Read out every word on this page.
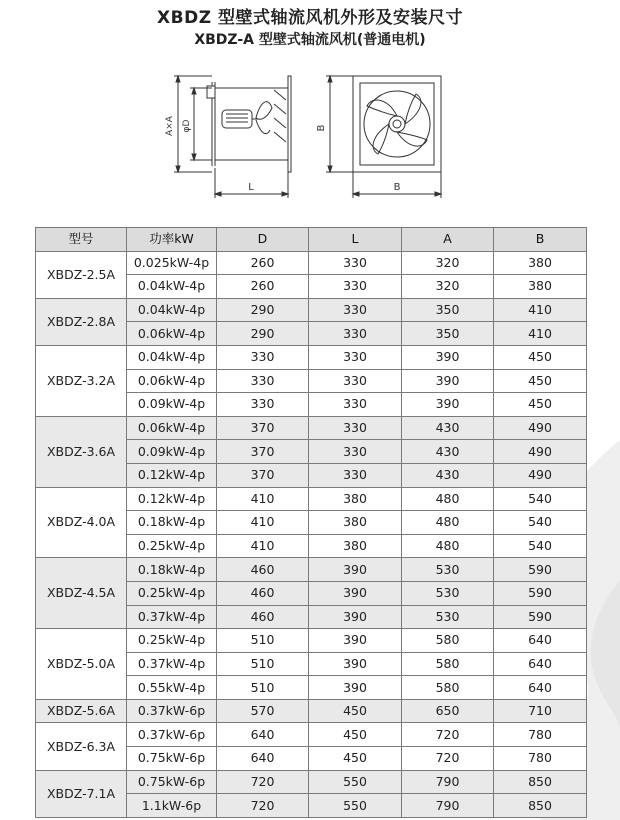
XBDZ 型壁式轴流风机外形及安装尺寸
XBDZ-A 型壁式轴流风机(普通电机)
A×A φD
L
B
B
型号	功率kW	D	L	A	B
XBDZ-2.5A	0.025kW-4p	260	330	320	380
	0.04kW-4p	260	330	320	380
XBDZ-2.8A	0.04kW-4p	290	330	350	410
	0.06kW-4p	290	330	350	410
XBDZ-3.2A	0.04kW-4p	330	330	390	450
	0.06kW-4p	330	330	390	450
	0.09kW-4p	330	330	390	450
XBDZ-3.6A	0.06kW-4p	370	330	430	490
	0.09kW-4p	370	330	430	490
	0.12kW-4p	370	330	430	490
XBDZ-4.0A	0.12kW-4p	410	380	480	540
	0.18kW-4p	410	380	480	540
	0.25kW-4p	410	380	480	540
XBDZ-4.5A	0.18kW-4p	460	390	530	590
	0.25kW-4p	460	390	530	590
	0.37kW-4p	460	390	530	590
XBDZ-5.0A	0.25kW-4p	510	390	580	640
	0.37kW-4p	510	390	580	640
	0.55kW-4p	510	390	580	640
XBDZ-5.6A	0.37kW-6p	570	450	650	710
XBDZ-6.3A	0.37kW-6p	640	450	720	780
	0.75kW-6p	640	450	720	780
XBDZ-7.1A	0.75kW-6p	720	550	790	850
	1.1kW-6p	720	550	790	850
